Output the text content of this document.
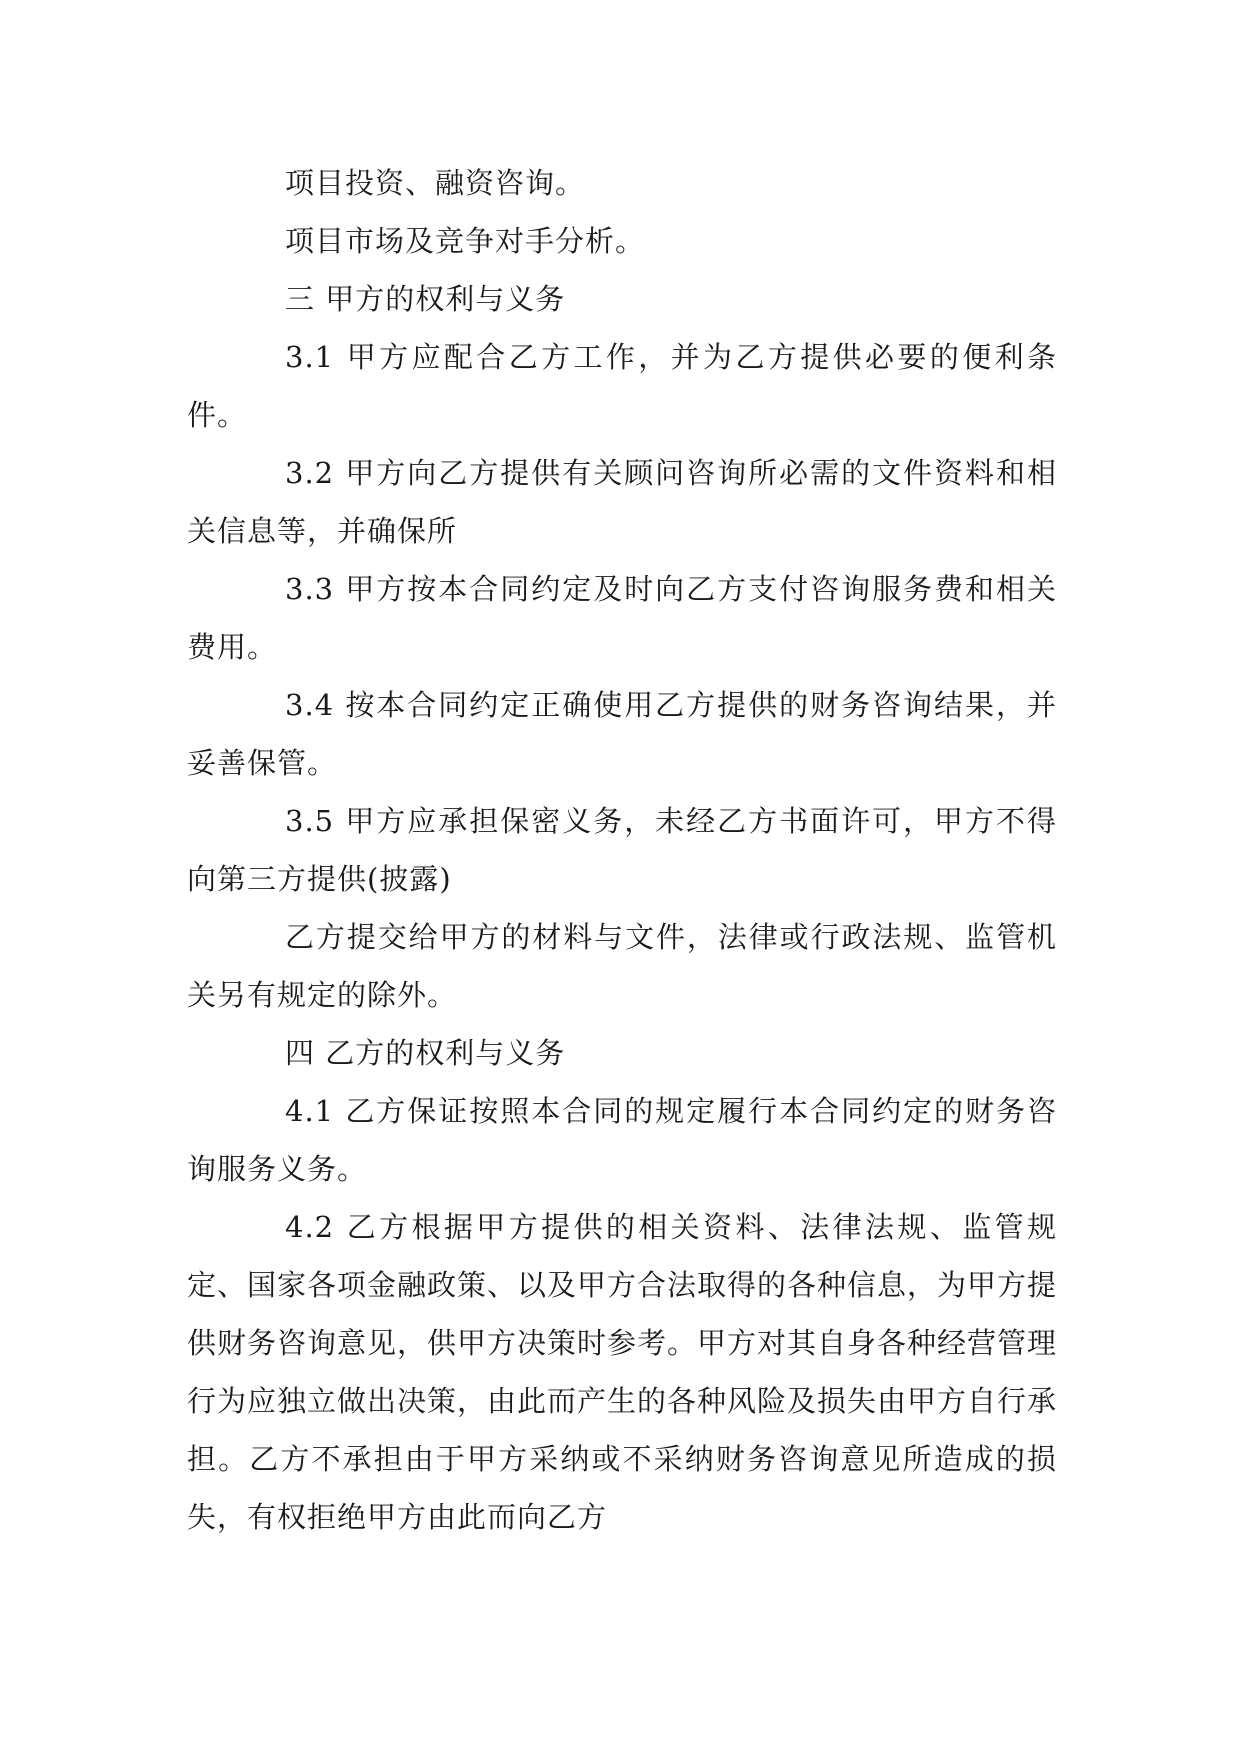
项目投资、融资咨询。

项目市场及竞争对手分析。

三 甲方的权利与义务

3.1 甲方应配合乙方工作，并为乙方提供必要的便利条件。

3.2 甲方向乙方提供有关顾问咨询所必需的文件资料和相关信息等，并确保所

3.3 甲方按本合同约定及时向乙方支付咨询服务费和相关费用。

3.4 按本合同约定正确使用乙方提供的财务咨询结果，并妥善保管。

3.5 甲方应承担保密义务，未经乙方书面许可，甲方不得向第三方提供(披露)

乙方提交给甲方的材料与文件，法律或行政法规、监管机关另有规定的除外。

四 乙方的权利与义务

4.1 乙方保证按照本合同的规定履行本合同约定的财务咨询服务义务。

4.2 乙方根据甲方提供的相关资料、法律法规、监管规定、国家各项金融政策、以及甲方合法取得的各种信息，为甲方提供财务咨询意见，供甲方决策时参考。甲方对其自身各种经营管理行为应独立做出决策，由此而产生的各种风险及损失由甲方自行承担。乙方不承担由于甲方采纳或不采纳财务咨询意见所造成的损失，有权拒绝甲方由此而向乙方
